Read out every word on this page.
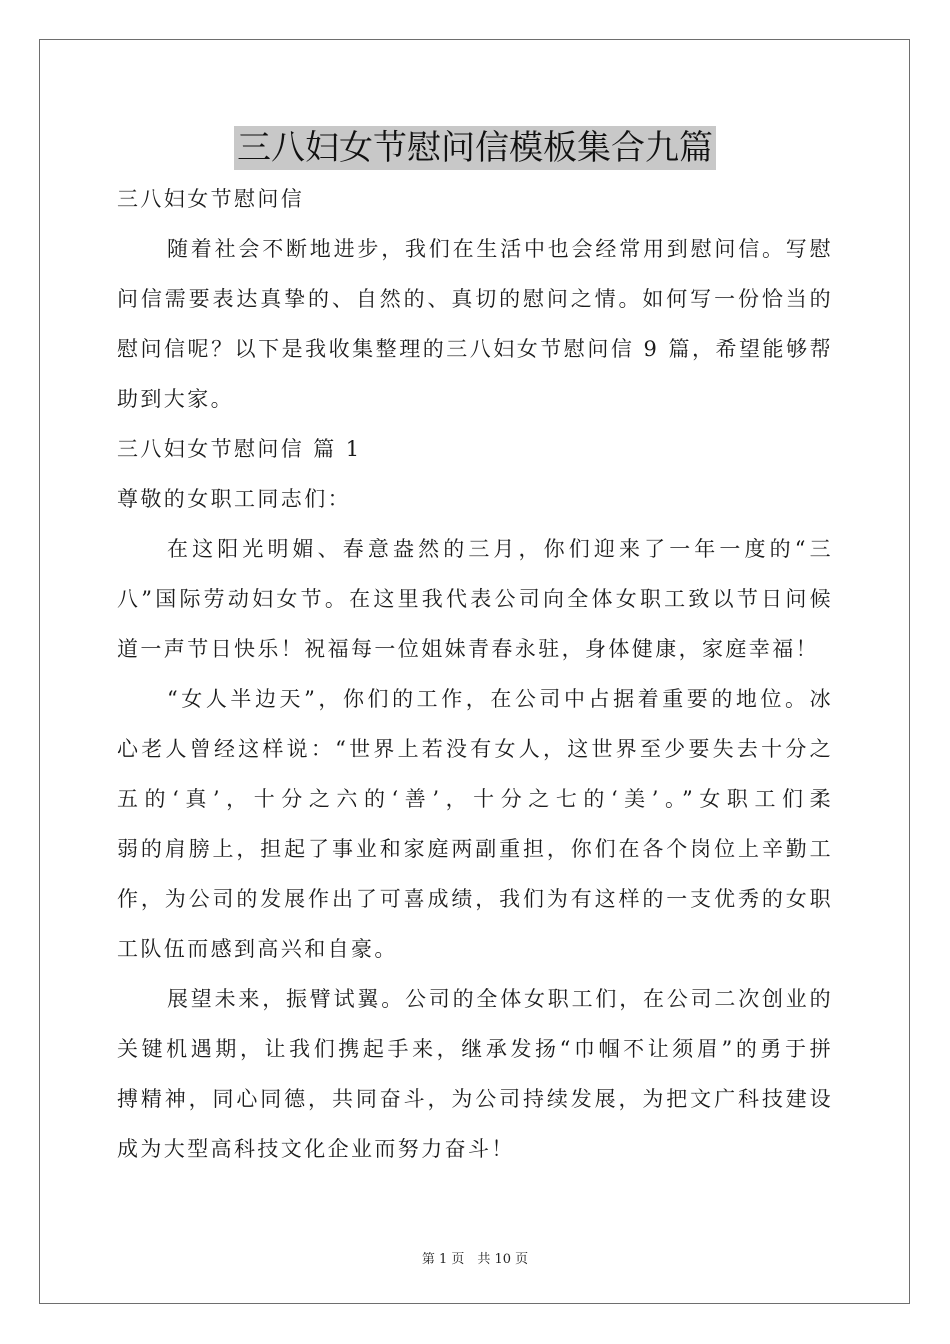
三八妇女节慰问信模板集合九篇
三八妇女节慰问信
随着社会不断地进步，我们在生活中也会经常用到慰问信。写慰
问信需要表达真挚的、自然的、真切的慰问之情。如何写一份恰当的
慰问信呢？以下是我收集整理的三八妇女节慰问信 9 篇，希望能够帮
助到大家。
三八妇女节慰问信 篇 1
尊敬的女职工同志们：
在这阳光明媚、春意盎然的三月，你们迎来了一年一度的“三
八”国际劳动妇女节。在这里我代表公司向全体女职工致以节日问候
道一声节日快乐！祝福每一位姐妹青春永驻，身体健康，家庭幸福！
“女人半边天”，你们的工作，在公司中占据着重要的地位。冰
心老人曾经这样说：“世界上若没有女人，这世界至少要失去十分之
五的‘真’，十分之六的‘善’，十分之七的‘美’。”女职工们柔
弱的肩膀上，担起了事业和家庭两副重担，你们在各个岗位上辛勤工
作，为公司的发展作出了可喜成绩，我们为有这样的一支优秀的女职
工队伍而感到高兴和自豪。
展望未来，振臂试翼。公司的全体女职工们，在公司二次创业的
关键机遇期，让我们携起手来，继承发扬“巾帼不让须眉”的勇于拼
搏精神，同心同德，共同奋斗，为公司持续发展，为把文广科技建设
成为大型高科技文化企业而努力奋斗！
第 1 页　共 10 页
